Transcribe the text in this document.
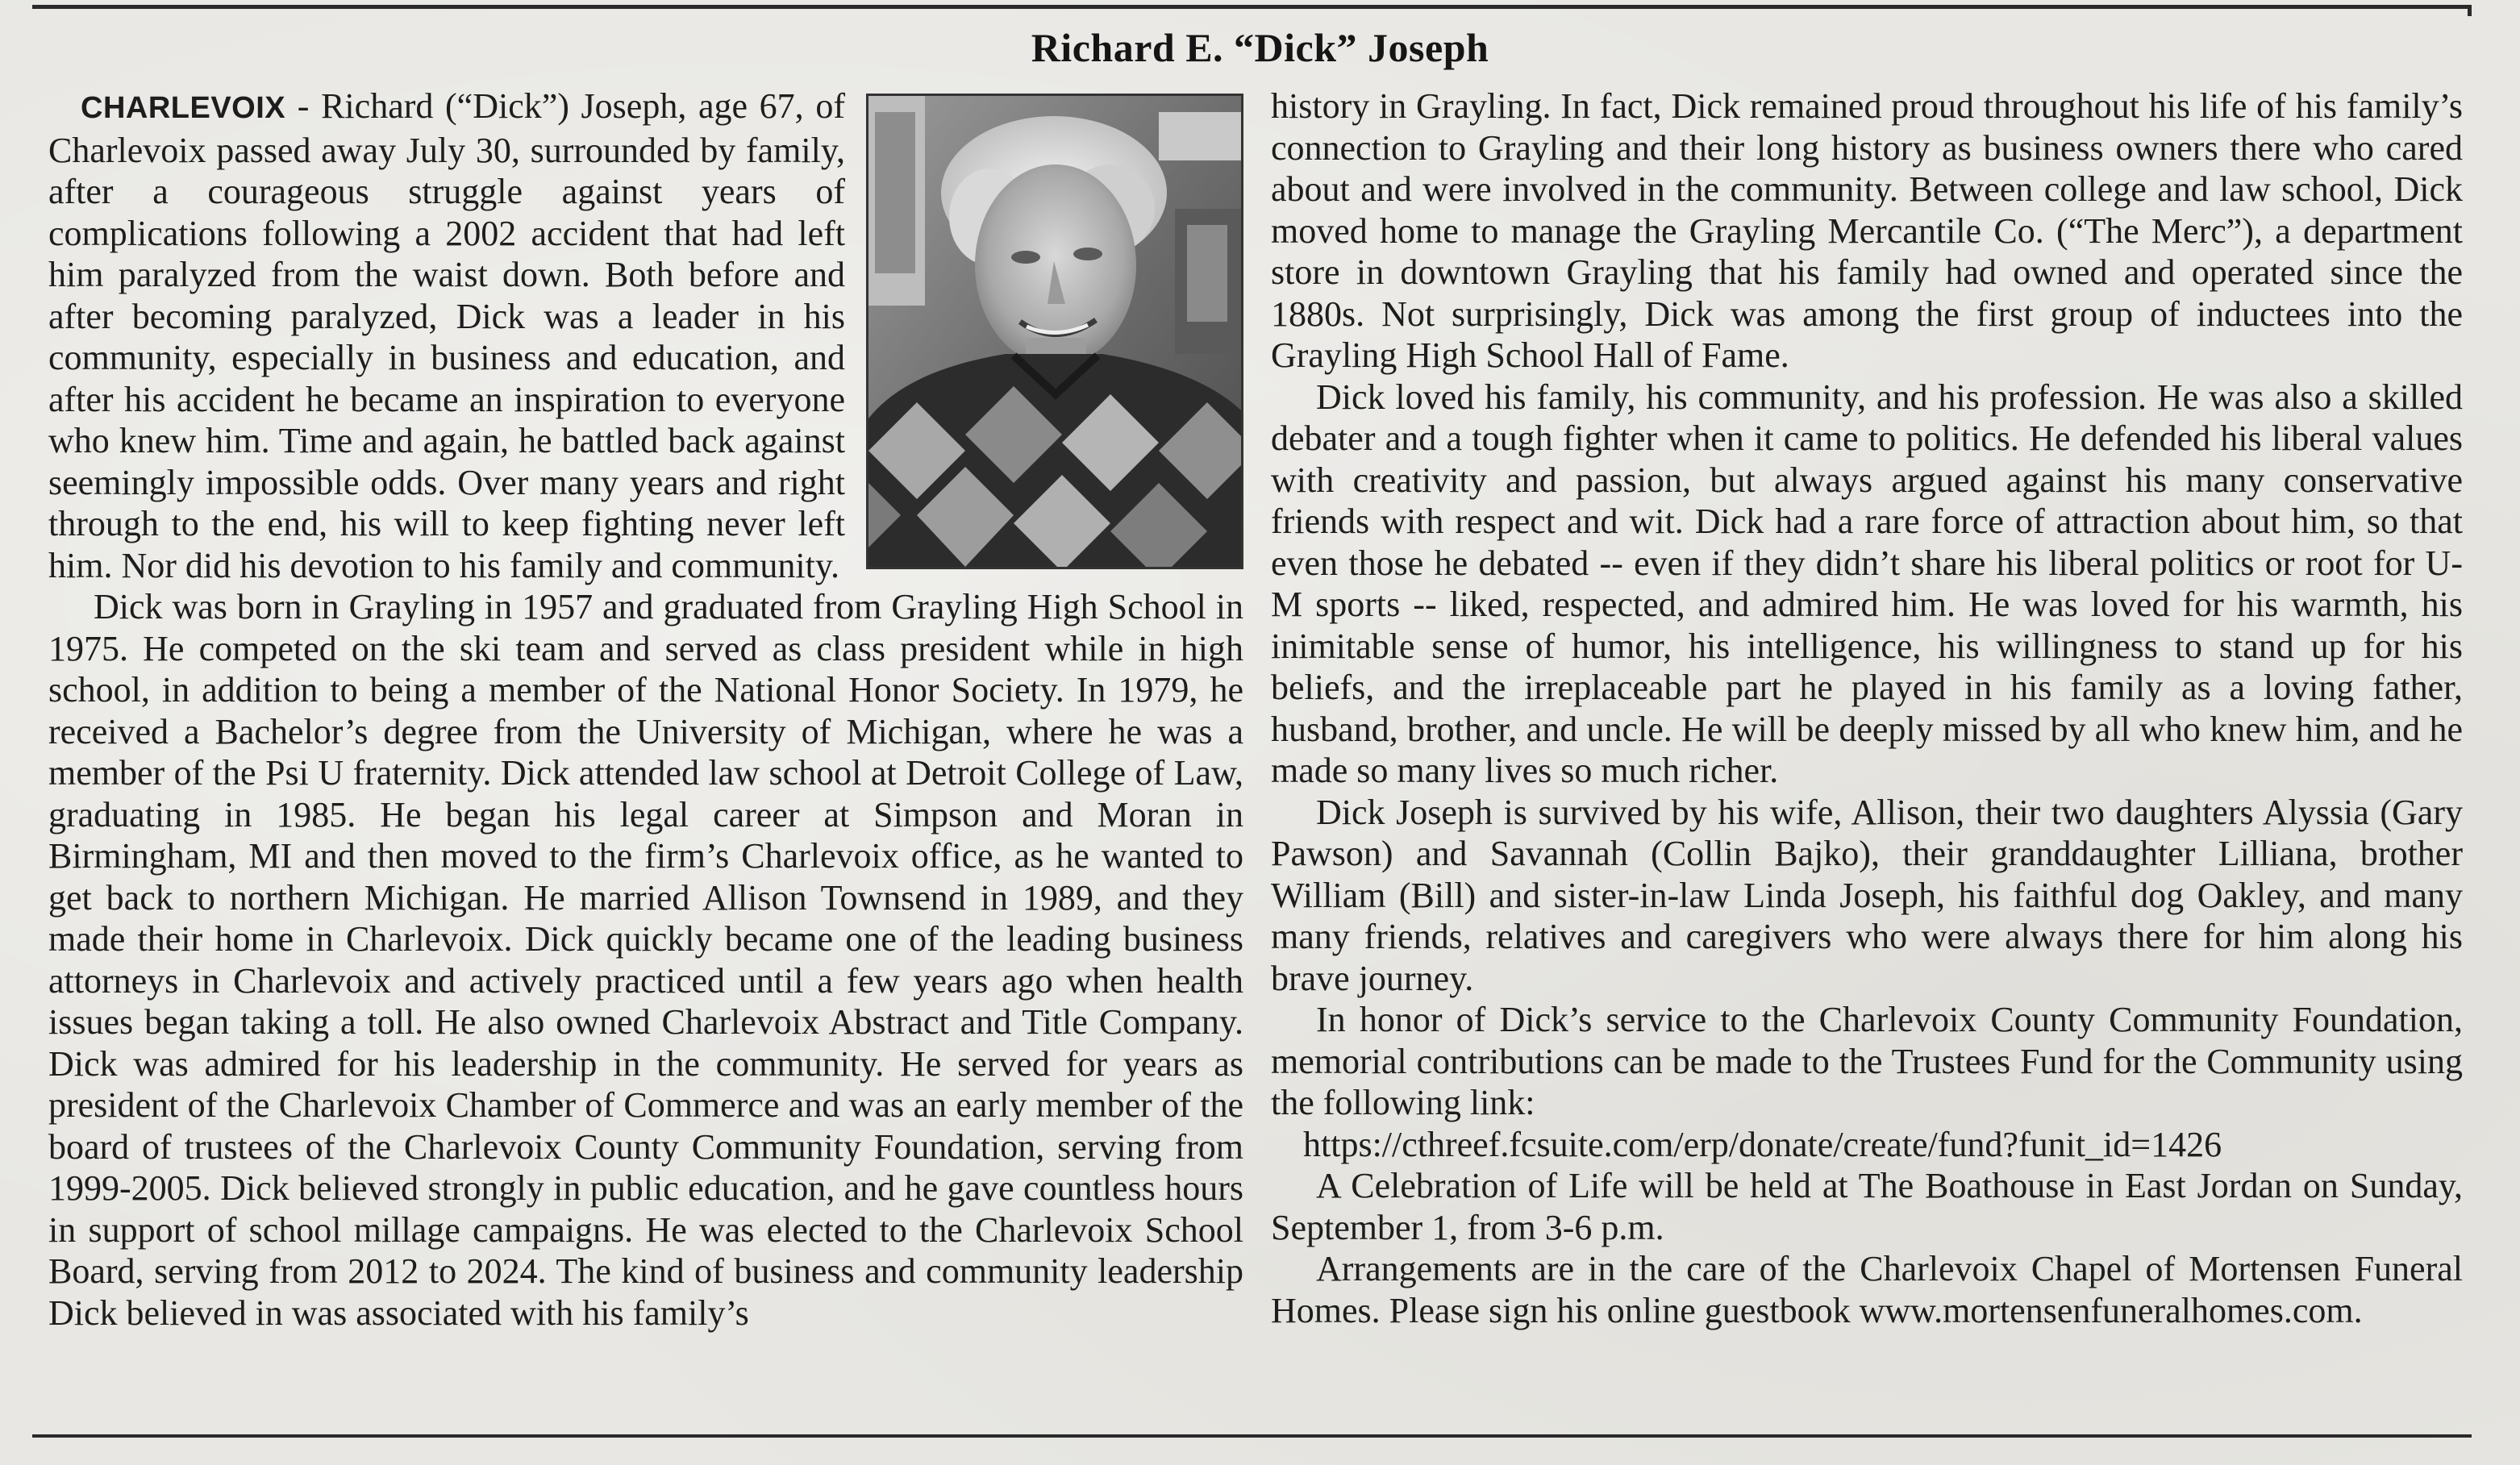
Richard E. “Dick” Joseph

CHARLEVOIX - Richard (“Dick”) Joseph, age 67, of Charlevoix passed away July 30, surrounded by family, after a courageous struggle against years of complications following a 2002 accident that had left him paralyzed from the waist down. Both before and after becoming paralyzed, Dick was a leader in his community, especially in business and education, and after his accident he became an inspiration to everyone who knew him. Time and again, he battled back against seemingly impossible odds. Over many years and right through to the end, his will to keep fighting never left him. Nor did his devotion to his family and community.

Dick was born in Grayling in 1957 and graduated from Grayling High School in 1975. He competed on the ski team and served as class president while in high school, in addition to being a member of the National Honor Society. In 1979, he received a Bachelor’s degree from the University of Michigan, where he was a member of the Psi U fraternity. Dick attended law school at Detroit College of Law, graduating in 1985. He began his legal career at Simpson and Moran in Birmingham, MI and then moved to the firm’s Charlevoix office, as he wanted to get back to northern Michigan. He married Allison Townsend in 1989, and they made their home in Charlevoix. Dick quickly became one of the leading business attorneys in Charlevoix and actively practiced until a few years ago when health issues began taking a toll. He also owned Charlevoix Abstract and Title Company. Dick was admired for his leadership in the community. He served for years as president of the Charlevoix Chamber of Commerce and was an early member of the board of trustees of the Charlevoix County Community Foundation, serving from 1999-2005. Dick believed strongly in public education, and he gave countless hours in support of school millage campaigns. He was elected to the Charlevoix School Board, serving from 2012 to 2024. The kind of business and community leadership Dick believed in was associated with his family’s

history in Grayling. In fact, Dick remained proud throughout his life of his family’s connection to Grayling and their long history as business owners there who cared about and were involved in the community. Between college and law school, Dick moved home to manage the Grayling Mercantile Co. (“The Merc”), a department store in downtown Grayling that his family had owned and operated since the 1880s. Not surprisingly, Dick was among the first group of inductees into the Grayling High School Hall of Fame.

Dick loved his family, his community, and his profession. He was also a skilled debater and a tough fighter when it came to politics. He defended his liberal values with creativity and passion, but always argued against his many conservative friends with respect and wit. Dick had a rare force of attraction about him, so that even those he debated -- even if they didn’t share his liberal politics or root for U-M sports -- liked, respected, and admired him. He was loved for his warmth, his inimitable sense of humor, his intelligence, his willingness to stand up for his beliefs, and the irreplaceable part he played in his family as a loving father, husband, brother, and uncle. He will be deeply missed by all who knew him, and he made so many lives so much richer.

Dick Joseph is survived by his wife, Allison, their two daughters Alyssia (Gary Pawson) and Savannah (Collin Bajko), their granddaughter Lilliana, brother William (Bill) and sister-in-law Linda Joseph, his faithful dog Oakley, and many many friends, relatives and caregivers who were always there for him along his brave journey.

In honor of Dick’s service to the Charlevoix County Community Foundation, memorial contributions can be made to the Trustees Fund for the Community using the following link:

https://cthreef.fcsuite.com/erp/donate/create/fund?funit_id=1426

A Celebration of Life will be held at The Boathouse in East Jordan on Sunday, September 1, from 3-6 p.m.

Arrangements are in the care of the Charlevoix Chapel of Mortensen Funeral Homes. Please sign his online guestbook www.mortensenfuneralhomes.com.
